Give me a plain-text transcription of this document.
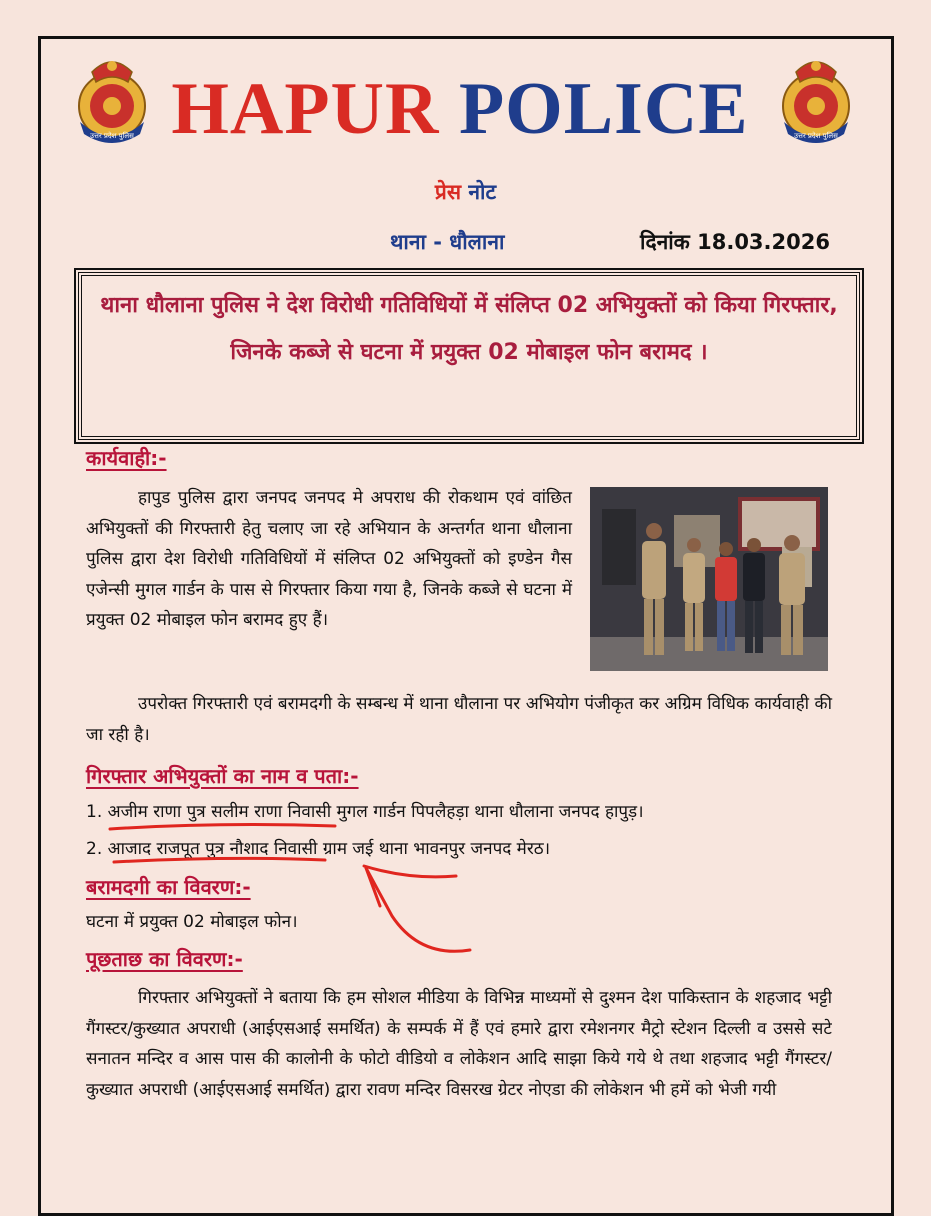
उत्तर प्रदेश पुलिस	उत्तर प्रदेश पुलिस
HAPUR POLICE
प्रेस नोट
थाना - धौलाना	दिनांक 18.03.2026
थाना धौलाना पुलिस ने देश विरोधी गतिविधियों में संलिप्त 02 अभियुक्तों को किया गिरफ्तार, जिनके कब्जे से घटना में प्रयुक्त 02 मोबाइल फोन बरामद ।
कार्यवाही:-
हापुड पुलिस द्वारा जनपद जनपद मे अपराध की रोकथाम एवं वांछित अभियुक्तों की गिरफ्तारी हेतु चलाए जा रहे अभियान के अन्तर्गत थाना धौलाना पुलिस द्वारा देश विरोधी गतिविधियों में संलिप्त 02 अभियुक्तों को इण्डेन गैस एजेन्सी मुगल गार्डन के पास से गिरफ्तार किया गया है, जिनके कब्जे से घटना में प्रयुक्त 02 मोबाइल फोन बरामद हुए हैं।
उपरोक्त गिरफ्तारी एवं बरामदगी के सम्बन्ध में थाना धौलाना पर अभियोग पंजीकृत कर अग्रिम विधिक कार्यवाही की जा रही है।
गिरफ्तार अभियुक्तों का नाम व पता:-
1. अजीम राणा पुत्र सलीम राणा निवासी मुगल गार्डन पिपलैहड़ा थाना धौलाना जनपद हापुड़।
2. आजाद राजपूत पुत्र नौशाद निवासी ग्राम जई थाना भावनपुर जनपद मेरठ।
बरामदगी का विवरण:-
घटना में प्रयुक्त 02 मोबाइल फोन।
पूछताछ का विवरण:-
गिरफ्तार अभियुक्तों ने बताया कि हम सोशल मीडिया के विभिन्न माध्यमों से दुश्मन देश पाकिस्तान के शहजाद भट्टी गैंगस्टर/कुख्यात अपराधी (आईएसआई समर्थित) के सम्पर्क में हैं एवं हमारे द्वारा रमेशनगर मैट्रो स्टेशन दिल्ली व उससे सटे सनातन मन्दिर व आस पास की कालोनी के फोटो वीडियो व लोकेशन आदि साझा किये गये थे तथा शहजाद भट्टी गैंगस्टर/कुख्यात अपराधी (आईएसआई समर्थित) द्वारा रावण मन्दिर विसरख ग्रेटर नोएडा की लोकेशन भी हमें को भेजी गयी
